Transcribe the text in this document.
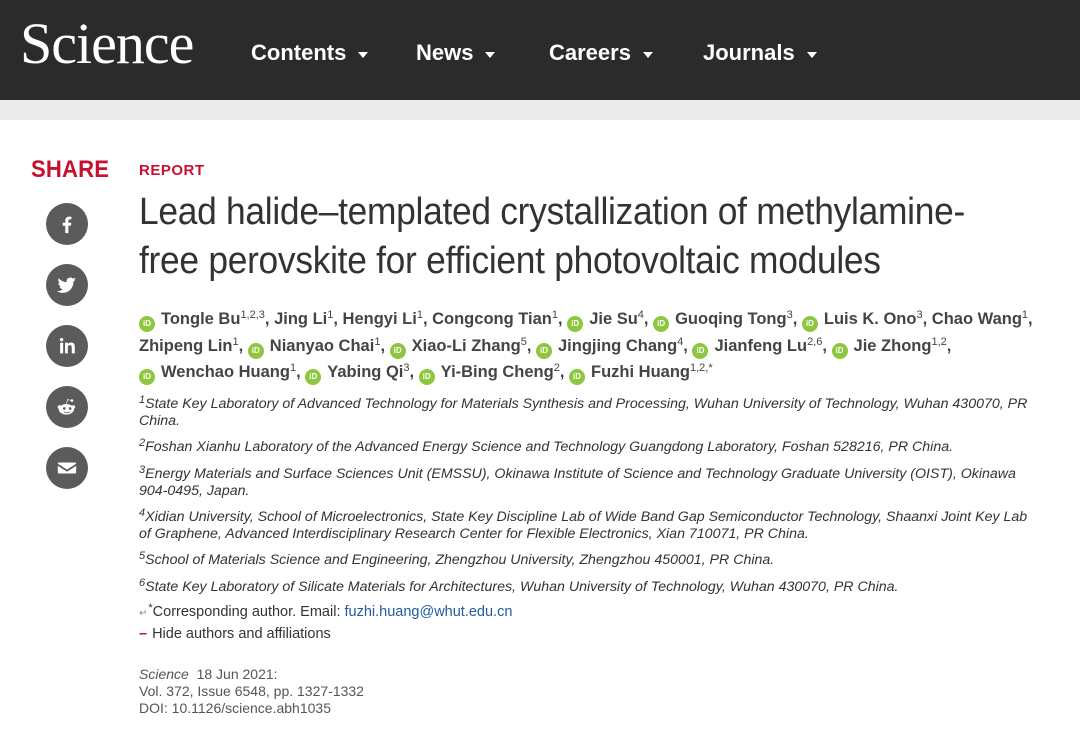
Science	Contents	News	Careers	Journals
SHARE REPORT
Lead halide–templated crystallization of methylamine-free perovskite for efficient photovoltaic modules
iD Tongle Bu$^{1,2,3}$, Jing Li$^1$, Hengyi Li$^1$, Congcong Tian$^1$, iD Jie Su$^4$, iD Guoqing Tong$^3$, iD Luis K. Ono$^3$, Chao Wang$^1$, Zhipeng Lin$^1$, iD Nianyao Chai$^1$, iD Xiao-Li Zhang$^5$, iD Jingjing Chang$^4$, iD Jianfeng Lu$^{2,6}$, iD Jie Zhong$^{1,2}$, iD Wenchao Huang$^1$, iD Yabing Qi$^3$, iD Yi-Bing Cheng$^2$, iD Fuzhi Huang$^{1,2,*}$
$^1$State Key Laboratory of Advanced Technology for Materials Synthesis and Processing, Wuhan University of Technology, Wuhan 430070, PR China.
$^2$Foshan Xianhu Laboratory of the Advanced Energy Science and Technology Guangdong Laboratory, Foshan 528216, PR China.
$^3$Energy Materials and Surface Sciences Unit (EMSSU), Okinawa Institute of Science and Technology Graduate University (OIST), Okinawa 904-0495, Japan.
$^4$Xidian University, School of Microelectronics, State Key Discipline Lab of Wide Band Gap Semiconductor Technology, Shaanxi Joint Key Lab of Graphene, Advanced Interdisciplinary Research Center for Flexible Electronics, Xian 710071, PR China.
$^5$School of Materials Science and Engineering, Zhengzhou University, Zhengzhou 450001, PR China.
$^6$State Key Laboratory of Silicate Materials for Architectures, Wuhan University of Technology, Wuhan 430070, PR China.
↵*Corresponding author. Email: fuzhi.huang@whut.edu.cn
– Hide authors and affiliations
Science 18 Jun 2021:
Vol. 372, Issue 6548, pp. 1327-1332
DOI: 10.1126/science.abh1035
